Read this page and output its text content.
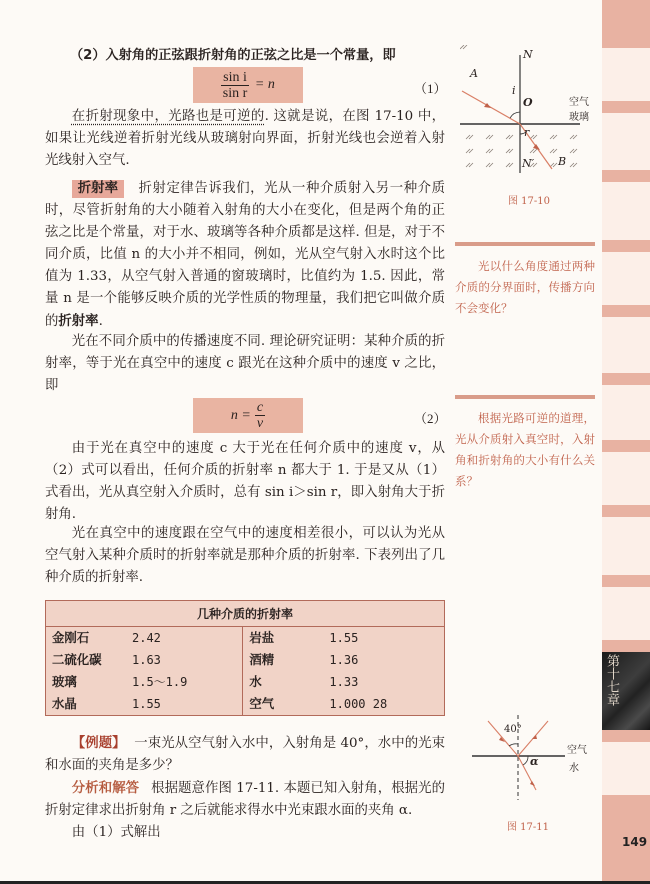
（2）入射角的正弦跟折射角的正弦之比是一个常量，即
$\frac{\text{sin i}}{\text{sin r}} = n$	（1）

在折射现象中，光路也是可逆的. 这就是说，在图 17-10 中，如果让光线逆着折射光线从玻璃射向界面，折射光线也会逆着入射光线射入空气.

折射率 折射定律告诉我们，光从一种介质射入另一种介质时，尽管折射角的大小随着入射角的大小在变化，但是两个角的正弦之比是个常量，对于水、玻璃等各种介质都是这样. 但是，对于不同介质，比值 n 的大小并不相同，例如，光从空气射入水时这个比值为 1.33，从空气射入普通的窗玻璃时，比值约为 1.5. 因此，常量 n 是一个能够反映介质的光学性质的物理量，我们把它叫做介质的折射率.

光在不同介质中的传播速度不同. 理论研究证明：某种介质的折射率，等于光在真空中的速度 c 跟光在这种介质中的速度 v 之比，即

$n = \frac{c}{v}$	（2）

由于光在真空中的速度 c 大于光在任何介质中的速度 v，从（2）式可以看出，任何介质的折射率 n 都大于 1. 于是又从（1）式看出，光从真空射入介质时，总有 sin i＞sin r，即入射角大于折射角.

光在真空中的速度跟在空气中的速度相差很小，可以认为光从空气射入某种介质时的折射率就是那种介质的折射率. 下表列出了几种介质的折射率.

几种介质的折射率			
金刚石	2.42	岩盐	1.55
二硫化碳	1.63	酒精	1.36
玻璃	1.5～1.9	水	1.33
水晶	1.55	空气	1.000 28

【例题】 一束光从空气射入水中，入射角是 40°，水中的光束和水面的夹角是多少？

分析和解答 根据题意作图 17-11. 本题已知入射角，根据光的折射定律求出折射角 r 之后就能求得水中光束跟水面的夹角 α.

由（1）式解出

N
A
i
O
r
B
N′
空气
玻璃
图 17-10
光以什么角度通过两种介质的分界面时，传播方向不会变化？
根据光路可逆的道理，光从介质射入真空时，入射角和折射角的大小有什么关系？
40°
α
空气
水
图 17-11
第十七章
149
